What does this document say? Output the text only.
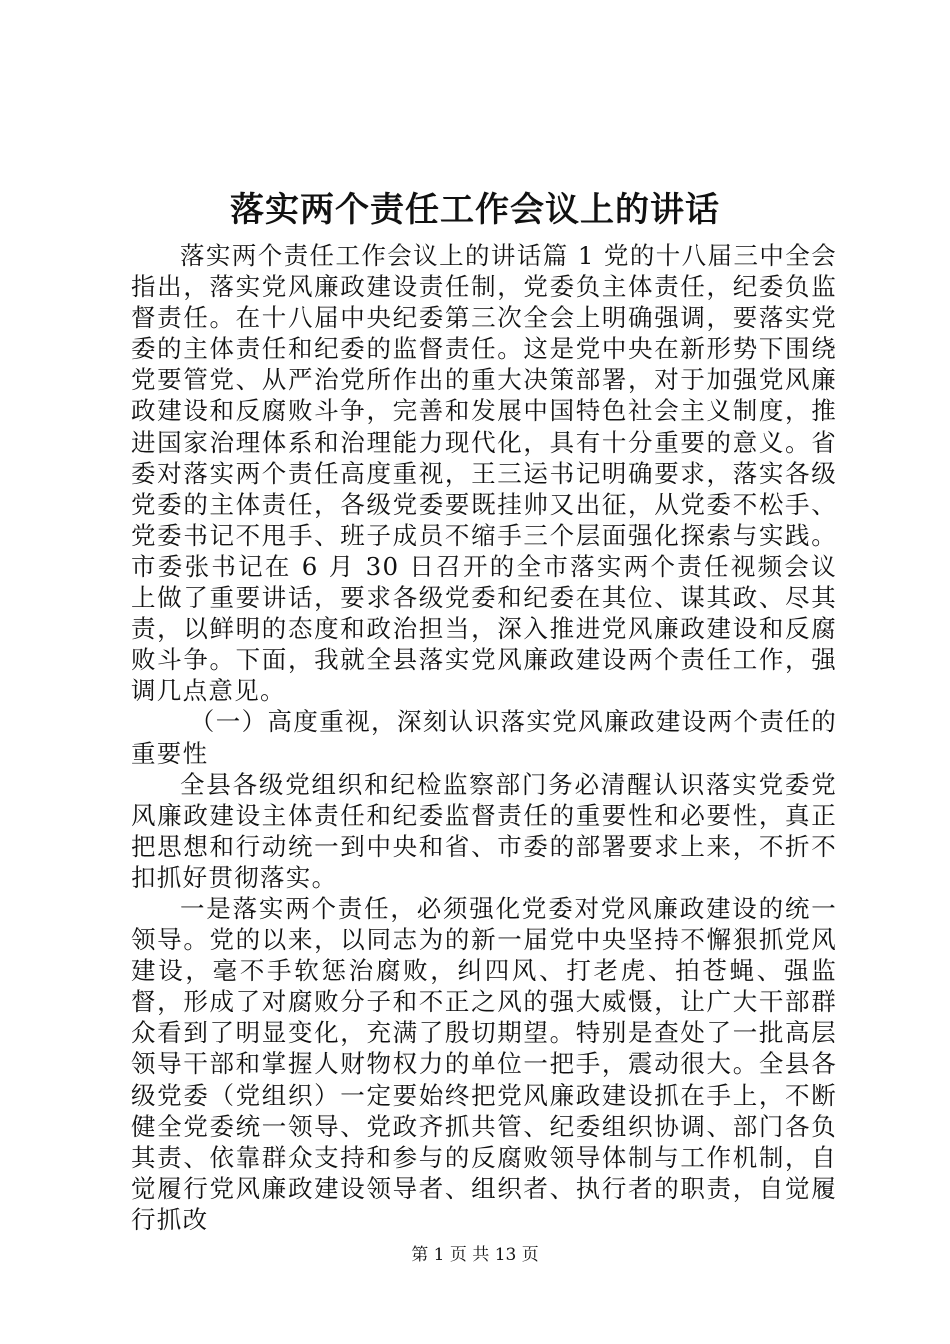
落实两个责任工作会议上的讲话

落实两个责任工作会议上的讲话篇 1 党的十八届三中全会指出，落实党风廉政建设责任制，党委负主体责任，纪委负监督责任。在十八届中央纪委第三次全会上明确强调，要落实党委的主体责任和纪委的监督责任。这是党中央在新形势下围绕党要管党、从严治党所作出的重大决策部署，对于加强党风廉政建设和反腐败斗争，完善和发展中国特色社会主义制度，推进国家治理体系和治理能力现代化，具有十分重要的意义。省委对落实两个责任高度重视，王三运书记明确要求，落实各级党委的主体责任，各级党委要既挂帅又出征，从党委不松手、党委书记不甩手、班子成员不缩手三个层面强化探索与实践。市委张书记在 6 月 30 日召开的全市落实两个责任视频会议上做了重要讲话，要求各级党委和纪委在其位、谋其政、尽其责，以鲜明的态度和政治担当，深入推进党风廉政建设和反腐败斗争。下面，我就全县落实党风廉政建设两个责任工作，强调几点意见。

（一）高度重视，深刻认识落实党风廉政建设两个责任的重要性

全县各级党组织和纪检监察部门务必清醒认识落实党委党风廉政建设主体责任和纪委监督责任的重要性和必要性，真正把思想和行动统一到中央和省、市委的部署要求上来，不折不扣抓好贯彻落实。

一是落实两个责任，必须强化党委对党风廉政建设的统一领导。党的以来，以同志为的新一届党中央坚持不懈狠抓党风建设，毫不手软惩治腐败，纠四风、打老虎、拍苍蝇、强监督，形成了对腐败分子和不正之风的强大威慑，让广大干部群众看到了明显变化，充满了殷切期望。特别是查处了一批高层领导干部和掌握人财物权力的单位一把手，震动很大。全县各级党委（党组织）一定要始终把党风廉政建设抓在手上，不断健全党委统一领导、党政齐抓共管、纪委组织协调、部门各负其责、依靠群众支持和参与的反腐败领导体制与工作机制，自觉履行党风廉政建设领导者、组织者、执行者的职责，自觉履行抓改

第 1 页 共 13 页
